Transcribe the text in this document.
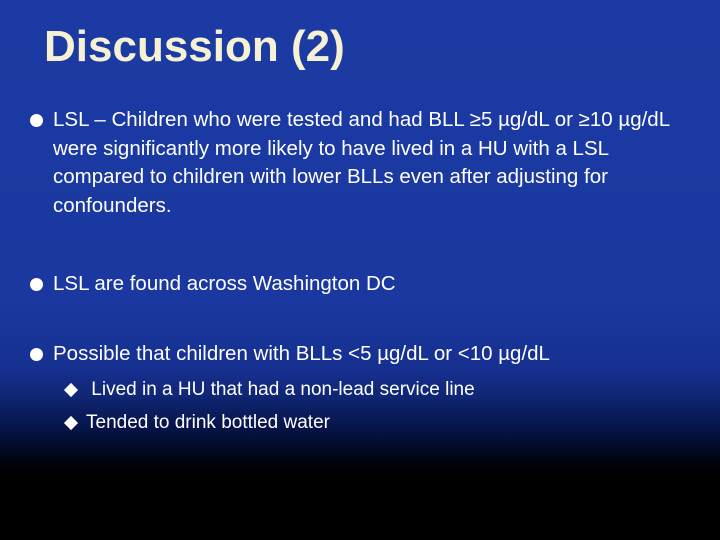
Discussion (2)
LSL – Children who were tested and had BLL ≥5 µg/dL or ≥10 µg/dL were significantly more likely to have lived in a HU with a LSL compared to children with lower BLLs even after adjusting for confounders.
LSL are found across Washington DC
Possible that children with BLLs <5 µg/dL or <10 µg/dL
Lived in a HU that had a non-lead service line
Tended to drink bottled water
